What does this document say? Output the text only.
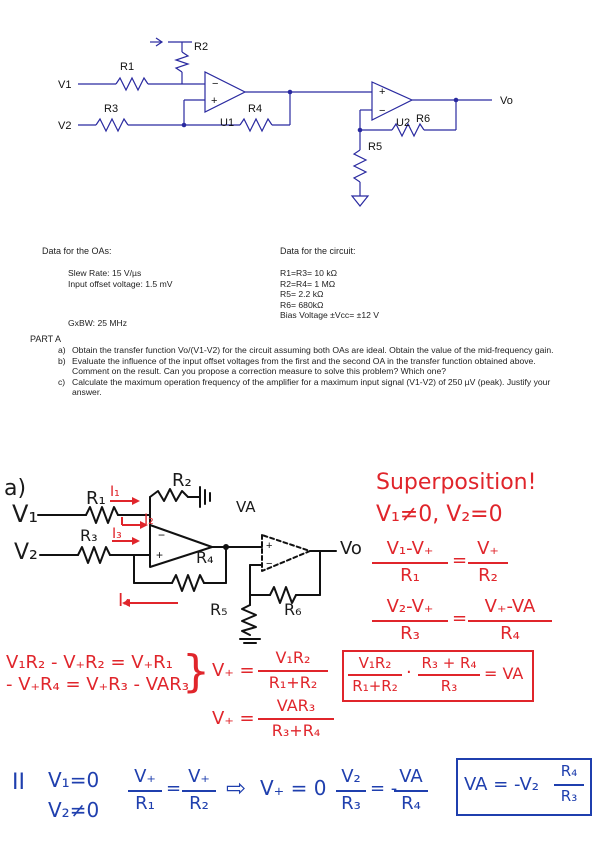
−
+
+
−
R1
R2
R3
U1
R4
V1
V2	U2 R6
R5
Vo
Data for the OAs:	Data for the circuit:
Slew Rate: 15 V/µs
Input offset voltage: 1.5 mV
GxBW: 25 MHz
R1=R3= 10 kΩ
R2=R4= 1 MΩ
R5= 2.2 kΩ
R6= 680kΩ
Bias Voltage ±Vcc= ±12 V
PART A
a) Obtain the transfer function Vo/(V1-V2) for the circuit assuming both OAs are ideal. Obtain the value of the mid-frequency gain.
b) Evaluate the influence of the input offset voltages from the first and the second OA in the transfer function obtained above. Comment on the result. Can you propose a correction measure to solve this problem? Which one?
c) Calculate the maximum operation frequency of the amplifier for a maximum input signal (V1-V2) of 250 µV (peak). Justify your answer.
−
+
+
−
a)
V₁
V₂
R₁ I₁
I₂
R₂
VA
R₃ I₃
R₄	Vo
I₄	R₅	R₆
Superposition!
V₁≠0, V₂=0
V₁-V₊
R₁
=
V₊
R₂
V₂-V₊
R₃
=
V₊-VA
R₄
V₁R₂ - V₊R₂ = V₊R₁
- V₊R₄ = V₊R₃ - VAR₃
} V₊ =
V₁R₂
R₁+R₂
V₊ =
VAR₃
R₃+R₄
V₁R₂
R₁+R₂
· R₃ + R₄
R₃
= VA
II V₁=0
V₂≠0
V₊
R₁
=
V₊
R₂
⇨ V₊ = 0 V₂
R₃
= -
VA
R₄
VA = -V₂
R₄
R₃
